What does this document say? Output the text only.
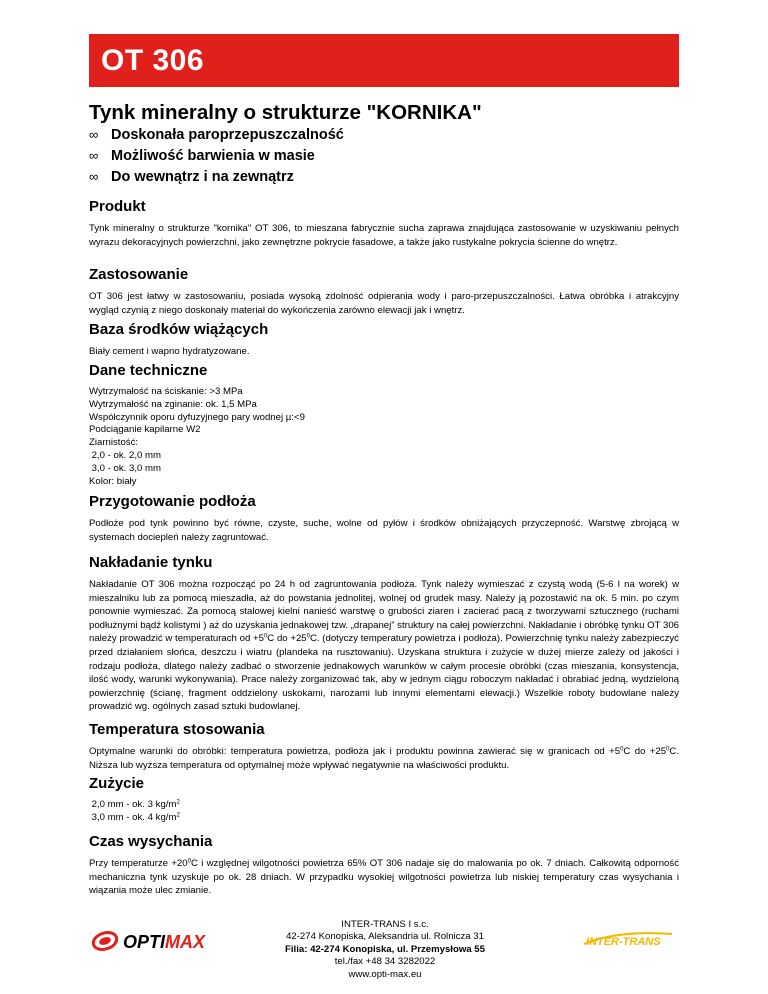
OT 306
Tynk mineralny o strukturze "KORNIKA"
∞ Doskonała paroprzepuszczalność
∞ Możliwość barwienia w masie
∞ Do wewnątrz i na zewnątrz
Produkt
Tynk mineralny o strukturze "kornika" OT 306, to mieszana fabrycznie sucha zaprawa znajdująca zastosowanie w uzyskiwaniu pełnych wyrazu dekoracyjnych powierzchni, jako zewnętrzne pokrycie fasadowe, a także jako rustykalne pokrycia ścienne do wnętrz.
Zastosowanie
OT 306 jest łatwy w zastosowaniu, posiada wysoką zdolność odpierania wody i paro-przepuszczalności. Łatwa obróbka i atrakcyjny wygląd czynią z niego doskonały materiał do wykończenia zarówno elewacji jak i wnętrz.
Baza środków wiążących
Biały cement i wapno hydratyzowane.
Dane techniczne
Wytrzymałość na ściskanie: >3 MPa
Wytrzymałość na zginanie: ok. 1,5 MPa
Współczynnik oporu dyfuzyjnego pary wodnej µ:<9
Podciąganie kapilarne W2
Ziarnistość:
2,0 - ok. 2,0 mm
3,0 - ok. 3,0 mm
Kolor: biały
Przygotowanie podłoża
Podłoże pod tynk powinno być równe, czyste, suche, wolne od pyłów i środków obniżających przyczepność. Warstwę zbrojącą w systemach dociepleń należy zagruntować.
Nakładanie tynku
Nakładanie OT 306 można rozpocząć po 24 h od zagruntowania podłoża. Tynk należy wymieszać z czystą wodą (5-6 l na worek) w mieszalniku lub za pomocą mieszadła, aż do powstania jednolitej, wolnej od grudek masy. Należy ją pozostawić na ok. 5 min. po czym ponownie wymieszać. Za pomocą stalowej kielni nanieść warstwę o grubości ziaren i zacierać pacą z tworzywami sztucznego (ruchami podłużnymi bądź kolistymi ) aż do uzyskania jednakowej tzw. „drapanej” struktury na całej powierzchni. Nakładanie i obróbkę tynku OT 306 należy prowadzić w temperaturach od $+5^0C$ do $+25^0C$. (dotyczy temperatury powietrza i podłoża). Powierzchnię tynku należy zabezpieczyć przed działaniem słońca, deszczu i wiatru (plandeka na rusztowaniu). Uzyskana struktura i zużycie w dużej mierze zależy od jakości i rodzaju podłoża, dlatego należy zadbać o stworzenie jednakowych warunków w całym procesie obróbki (czas mieszania, konsystencja, ilość wody, warunki wykonywania). Prace należy zorganizować tak, aby w jednym ciągu roboczym nakładać i obrabiać jedną, wydzieloną powierzchnię (ścianę, fragment oddzielony uskokami, narożami lub innymi elementami elewacji.) Wszelkie roboty budowlane należy prowadzić wg. ogólnych zasad sztuki budowlanej.
Temperatura stosowania
Optymalne warunki do obróbki: temperatura powietrza, podłoża jak i produktu powinna zawierać się w granicach od $+5^0C$ do $+25^0C$. Niższa lub wyższa temperatura od optymalnej może wpływać negatywnie na właściwości produktu.
Zużycie
2,0 mm - ok. 3 $kg/m^2$
3,0 mm - ok. 4 $kg/m^2$
Czas wysychania
Przy temperaturze $+20^0C$ i względnej wilgotności powietrza 65% OT 306 nadaje się do malowania po ok. 7 dniach. Całkowitą odporność mechaniczna tynk uzyskuje po ok. 28 dniach. W przypadku wysokiej wilgotności powietrza lub niskiej temperatury czas wysychania i wiązania może ulec zmianie.
OPTIMAX
INTER-TRANS I s.c.
42-274 Konopiska, Aleksandria ul. Rolnicza 31
Filia: 42-274 Konopiska, ul. Przemysłowa 55
tel./fax +48 34 3282022
www.opti-max.eu
INTER-TRANS
